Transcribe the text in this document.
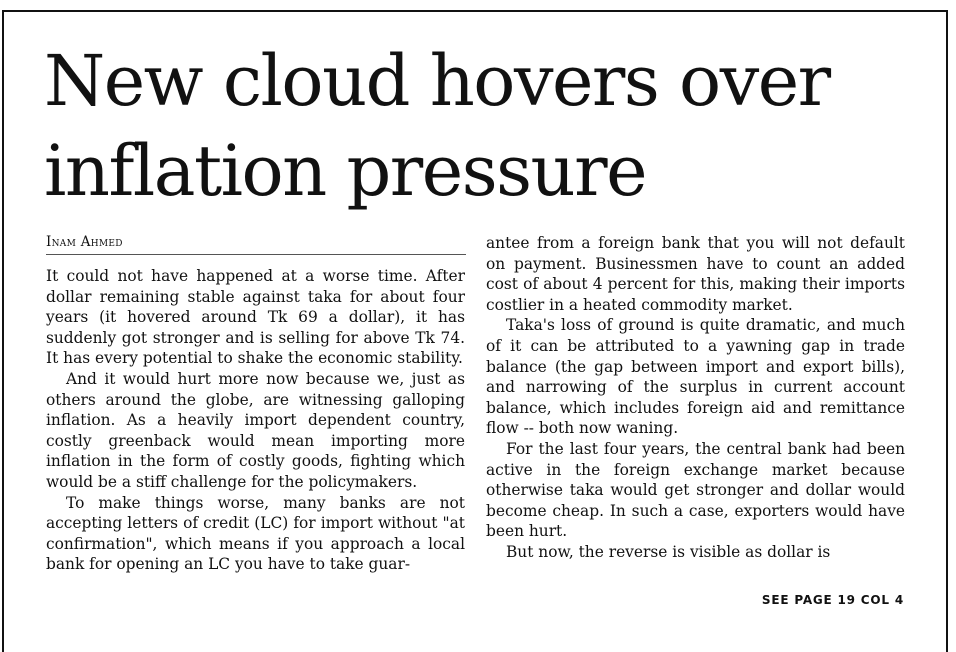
New cloud hovers over inflation pressure
Inam Ahmed

It could not have happened at a worse time. After dollar remaining stable against taka for about four years (it hovered around Tk 69 a dollar), it has suddenly got stronger and is selling for above Tk 74. It has every potential to shake the economic stability.

And it would hurt more now because we, just as others around the globe, are witnessing galloping inflation. As a heavily import dependent country, costly greenback would mean importing more inflation in the form of costly goods, fighting which would be a stiff challenge for the policymakers.

To make things worse, many banks are not accepting letters of credit (LC) for import without "at confirmation", which means if you approach a local bank for opening an LC you have to take guar-

antee from a foreign bank that you will not default on payment. Businessmen have to count an added cost of about 4 percent for this, making their imports costlier in a heated commodity market.

Taka's loss of ground is quite dramatic, and much of it can be attributed to a yawning gap in trade balance (the gap between import and export bills), and narrowing of the surplus in current account balance, which includes foreign aid and remittance flow -- both now waning.

For the last four years, the central bank had been active in the foreign exchange market because otherwise taka would get stronger and dollar would become cheap. In such a case, exporters would have been hurt.

But now, the reverse is visible as dollar is

SEE PAGE 19 COL 4
